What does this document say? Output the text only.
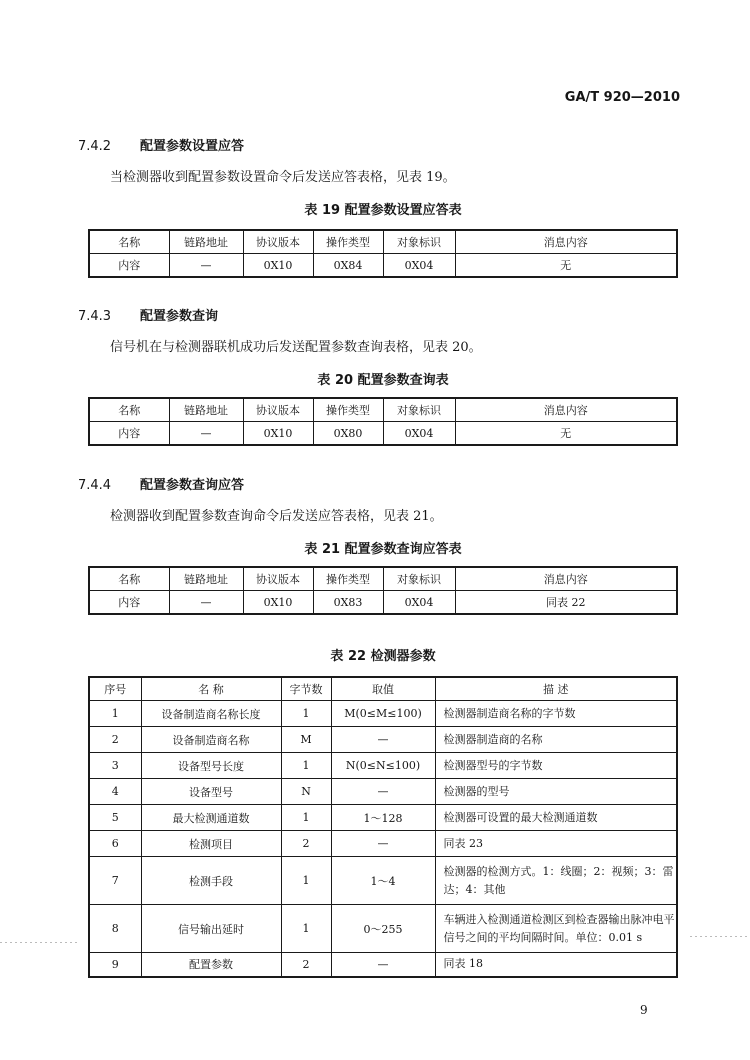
GA/T 920—2010
7.4.2 配置参数设置应答
当检测器收到配置参数设置命令后发送应答表格，见表 19。
表 19 配置参数设置应答表
名称	链路地址	协议版本	操作类型	对象标识	消息内容
内容	—	0X10	0X84	0X04	无
7.4.3 配置参数查询
信号机在与检测器联机成功后发送配置参数查询表格，见表 20。
表 20 配置参数查询表
名称	链路地址	协议版本	操作类型	对象标识	消息内容
内容	—	0X10	0X80	0X04	无
7.4.4 配置参数查询应答
检测器收到配置参数查询命令后发送应答表格，见表 21。
表 21 配置参数查询应答表
名称	链路地址	协议版本	操作类型	对象标识	消息内容
内容	—	0X10	0X83	0X04	同表 22
表 22 检测器参数
序号	名 称	字节数	取值	描 述
1	设备制造商名称长度	1	M(0≤M≤100)	检测器制造商名称的字节数
2	设备制造商名称	M	—	检测器制造商的名称
3	设备型号长度	1	N(0≤N≤100)	检测器型号的字节数
4	设备型号	N	—	检测器的型号
5	最大检测通道数	1	1～128	检测器可设置的最大检测通道数
6	检测项目	2	—	同表 23
7	检测手段	1	1～4	检测器的检测方式。1：线圈；2：视频；3：雷达；4：其他
8	信号输出延时	1	0～255	车辆进入检测通道检测区到检查器输出脉冲电平信号之间的平均间隔时间。单位：0.01 s
9	配置参数	2	—	同表 18
9
